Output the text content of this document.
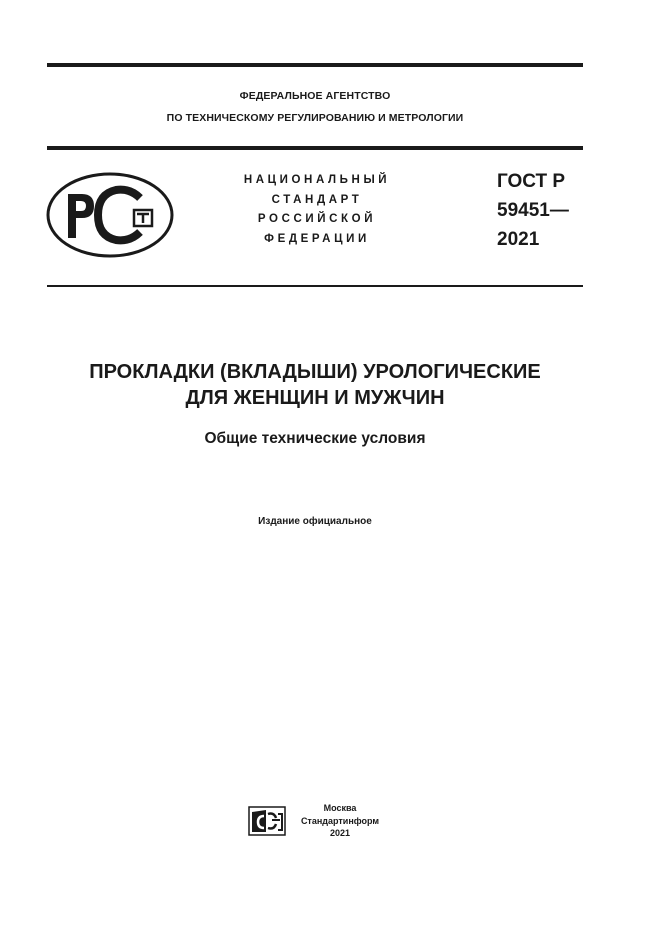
ФЕДЕРАЛЬНОЕ АГЕНТСТВО
ПО ТЕХНИЧЕСКОМУ РЕГУЛИРОВАНИЮ И МЕТРОЛОГИИ
НАЦИОНАЛЬНЫЙ
СТАНДАРТ
РОССИЙСКОЙ
ФЕДЕРАЦИИ
ГОСТ Р
59451—
2021
ПРОКЛАДКИ (ВКЛАДЫШИ) УРОЛОГИЧЕСКИЕ
ДЛЯ ЖЕНЩИН И МУЖЧИН
Общие технические условия
Издание официальное
Москва
Стандартинформ
2021
